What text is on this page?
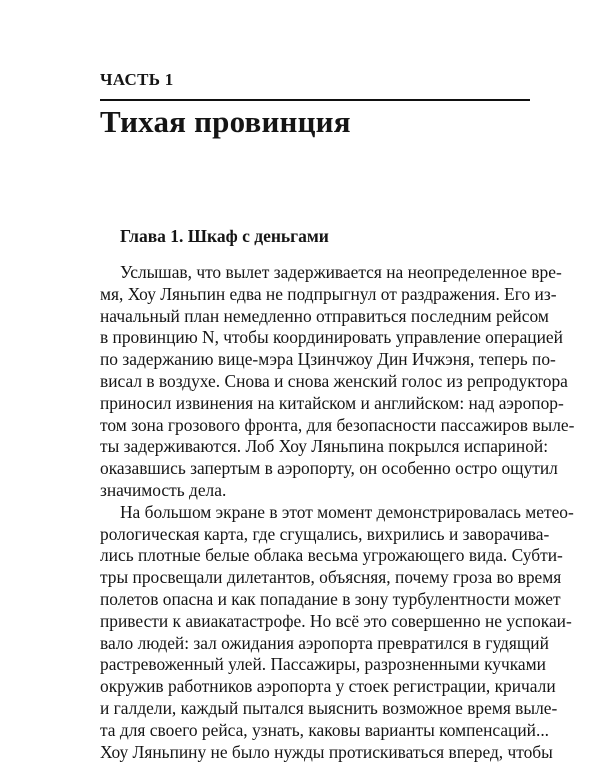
ЧАСТЬ 1
Тихая провинция
Глава 1. Шкаф с деньгами
Услышав, что вылет задерживается на неопределенное вре-
мя, Хоу Ляньпин едва не подпрыгнул от раздражения. Его из-
начальный план немедленно отправиться последним рейсом
в провинцию N, чтобы координировать управление операцией
по задержанию вице-мэра Цзинчжоу Дин Ичжэня, теперь по-
висал в воздухе. Снова и снова женский голос из репродуктора
приносил извинения на китайском и английском: над аэропор-
том зона грозового фронта, для безопасности пассажиров выле-
ты задерживаются. Лоб Хоу Ляньпина покрылся испариной:
оказавшись запертым в аэропорту, он особенно остро ощутил
значимость дела.
На большом экране в этот момент демонстрировалась метео-
рологическая карта, где сгущались, вихрились и заворачива-
лись плотные белые облака весьма угрожающего вида. Субти-
тры просвещали дилетантов, объясняя, почему гроза во время
полетов опасна и как попадание в зону турбулентности может
привести к авиакатастрофе. Но всё это совершенно не успокаи-
вало людей: зал ожидания аэропорта превратился в гудящий
растревоженный улей. Пассажиры, разрозненными кучками
окружив работников аэропорта у стоек регистрации, кричали
и галдели, каждый пытался выяснить возможное время выле-
та для своего рейса, узнать, каковы варианты компенсаций...
Хоу Ляньпину не было нужды протискиваться вперед, чтобы
